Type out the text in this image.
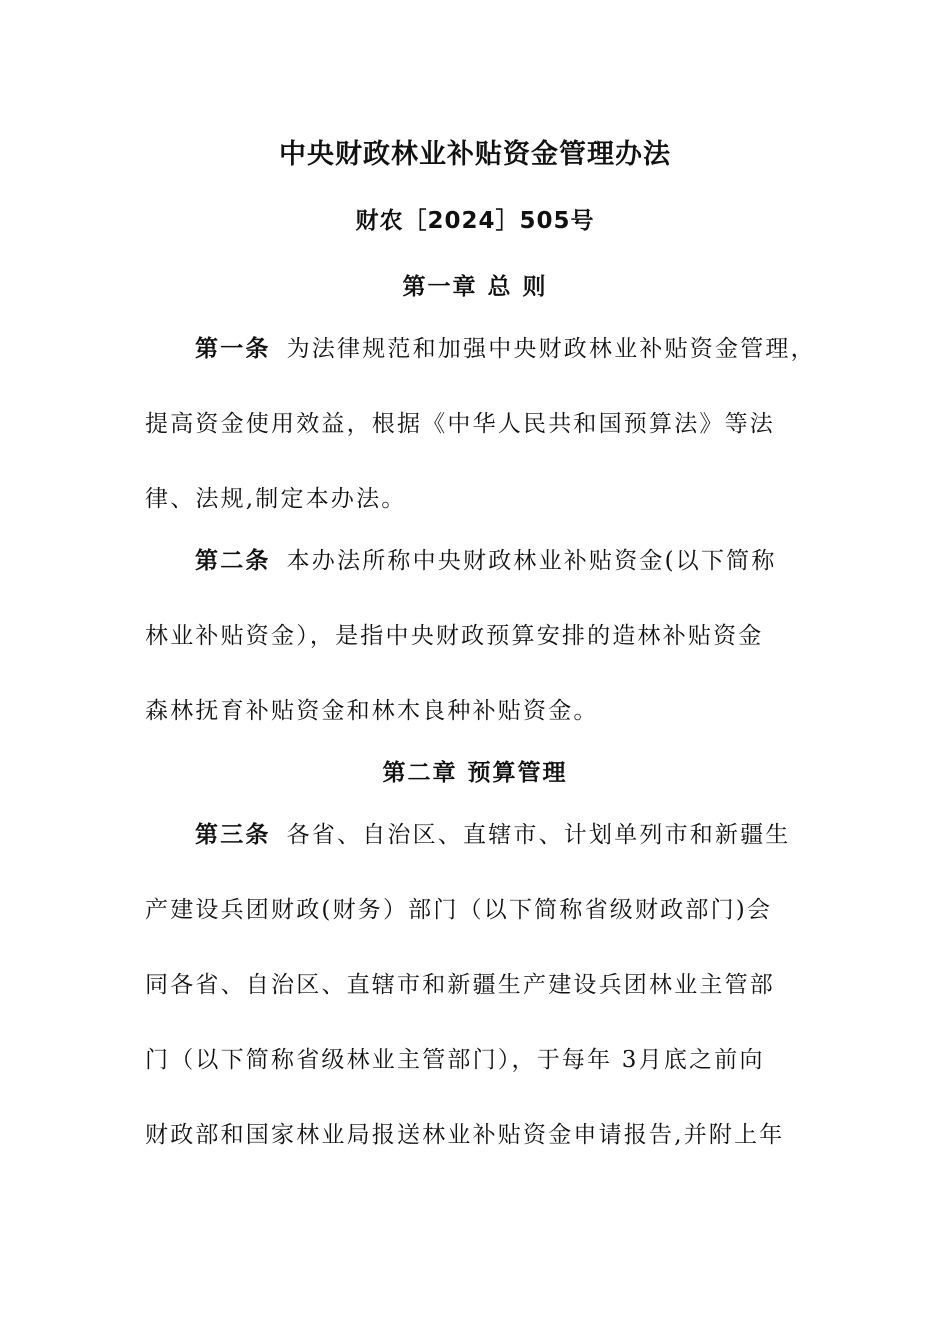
中央财政林业补贴资金管理办法
财农［2024］505号
第一章 总 则
第一条 为法律规范和加强中央财政林业补贴资金管理，
提高资金使用效益，根据《中华人民共和国预算法》等法
律、法规,制定本办法。
第二条 本办法所称中央财政林业补贴资金(以下简称
林业补贴资金），是指中央财政预算安排的造林补贴资金
森林抚育补贴资金和林木良种补贴资金。
第二章 预算管理
第三条 各省、自治区、直辖市、计划单列市和新疆生
产建设兵团财政(财务）部门（以下简称省级财政部门)会
同各省、自治区、直辖市和新疆生产建设兵团林业主管部
门（以下简称省级林业主管部门），于每年 3月底之前向
财政部和国家林业局报送林业补贴资金申请报告,并附上年
